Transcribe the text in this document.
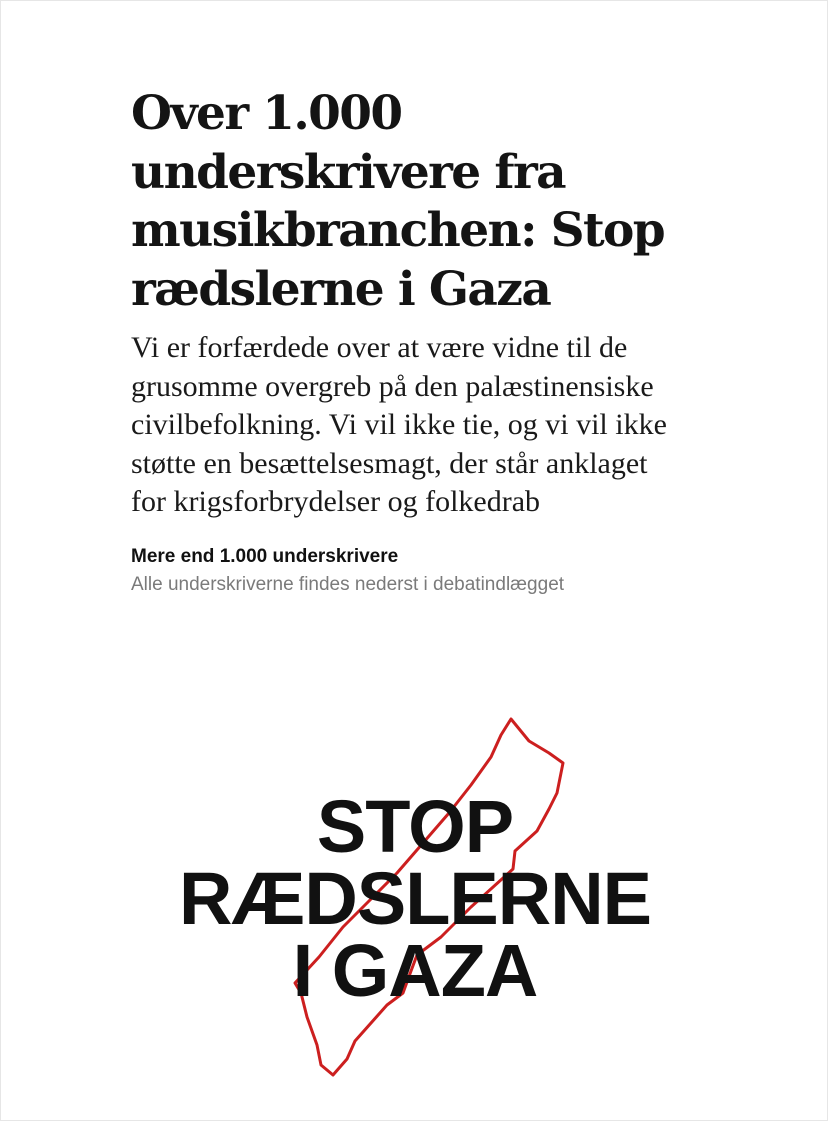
Over 1.000
underskrivere fra
musikbranchen: Stop
rædslerne i Gaza

Vi er forfærdede over at være vidne til de
grusomme overgreb på den palæstinensiske
civilbefolkning. Vi vil ikke tie, og vi vil ikke
støtte en besættelsesmagt, der står anklaget
for krigsforbrydelser og folkedrab

Mere end 1.000 underskrivere
Alle underskriverne findes nederst i debatindlægget
STOP
RÆDSLERNE
I GAZA
